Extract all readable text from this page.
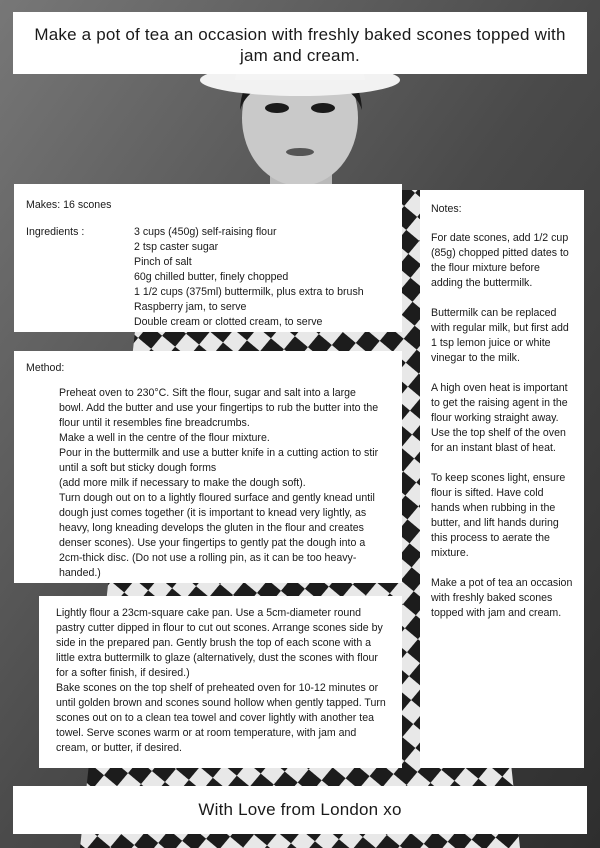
Make a pot of tea an occasion with freshly baked scones topped with jam and cream.
Makes: 16 scones
Ingredients :	3 cups (450g) self-raising flour
2 tsp caster sugar
Pinch of salt
60g chilled butter, finely chopped
1 1/2 cups (375ml) buttermilk, plus extra to brush
Raspberry jam, to serve
Double cream or clotted cream, to serve
Method:
Preheat oven to 230°C. Sift the flour, sugar and salt into a large bowl. Add the butter and use your fingertips to rub the butter into the flour until it resembles fine breadcrumbs.
Make a well in the centre of the flour mixture.
Pour in the buttermilk and use a butter knife in a cutting action to stir until a soft but sticky dough forms
(add more milk if necessary to make the dough soft).
Turn dough out on to a lightly floured surface and gently knead until dough just comes together (it is important to knead very lightly, as heavy, long kneading develops the gluten in the flour and creates denser scones). Use your fingertips to gently pat the dough into a 2cm-thick disc. (Do not use a rolling pin, as it can be too heavy-handed.)
Lightly flour a 23cm-square cake pan. Use a 5cm-diameter round pastry cutter dipped in flour to cut out scones. Arrange scones side by side in the prepared pan. Gently brush the top of each scone with a little extra buttermilk to glaze (alternatively, dust the scones with flour for a softer finish, if desired.)
Bake scones on the top shelf of preheated oven for 10-12 minutes or until golden brown and scones sound hollow when gently tapped. Turn scones out on to a clean tea towel and cover lightly with another tea towel. Serve scones warm or at room temperature, with jam and cream, or butter, if desired.
Notes:

For date scones, add 1/2 cup (85g) chopped pitted dates to the flour mixture before adding the buttermilk.

Buttermilk can be replaced with regular milk, but first add 1 tsp lemon juice or white vinegar to the milk.

A high oven heat is important to get the raising agent in the flour working straight away. Use the top shelf of the oven for an instant blast of heat.

To keep scones light, ensure flour is sifted. Have cold hands when rubbing in the butter, and lift hands during this process to aerate the mixture.

Make a pot of tea an occasion with freshly baked scones topped with jam and cream.

With Love from London xo
